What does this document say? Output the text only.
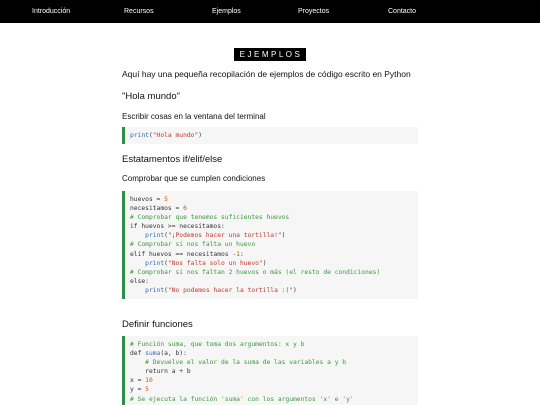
Introducción	Recursos	Ejemplos	Proyectos	Contacto
EJEMPLOS
Aquí hay una pequeña recopilación de ejemplos de código escrito en Python
"Hola mundo"
Escribir cosas en la ventana del terminal
print("Hola mundo")
Estatamentos if/elif/else
Comprobar que se cumplen condiciones
huevos = 5
necesitamos = 6
# Comprobar que tenemos suficientes huevos
if huevos >= necesitamos:
print("¡Podemos hacer una tortilla!")
# Comprobar si nos falta un huevo
elif huevos == necesitamos -1:
print("Nos falta solo un huevo")
# Comprobar si nos faltan 2 huevos o más (el resto de condiciones)
else:
print("No podemos hacer la tortilla :(")
Definir funciones
# Función suma, que toma dos argumentos: x y b
def suma(a, b):
# Devuelve el valor de la suma de las variables a y b
return a + b
x = 10
y = 5
# Se ejecuta la función 'suma' con los argumentos 'x' e 'y'
